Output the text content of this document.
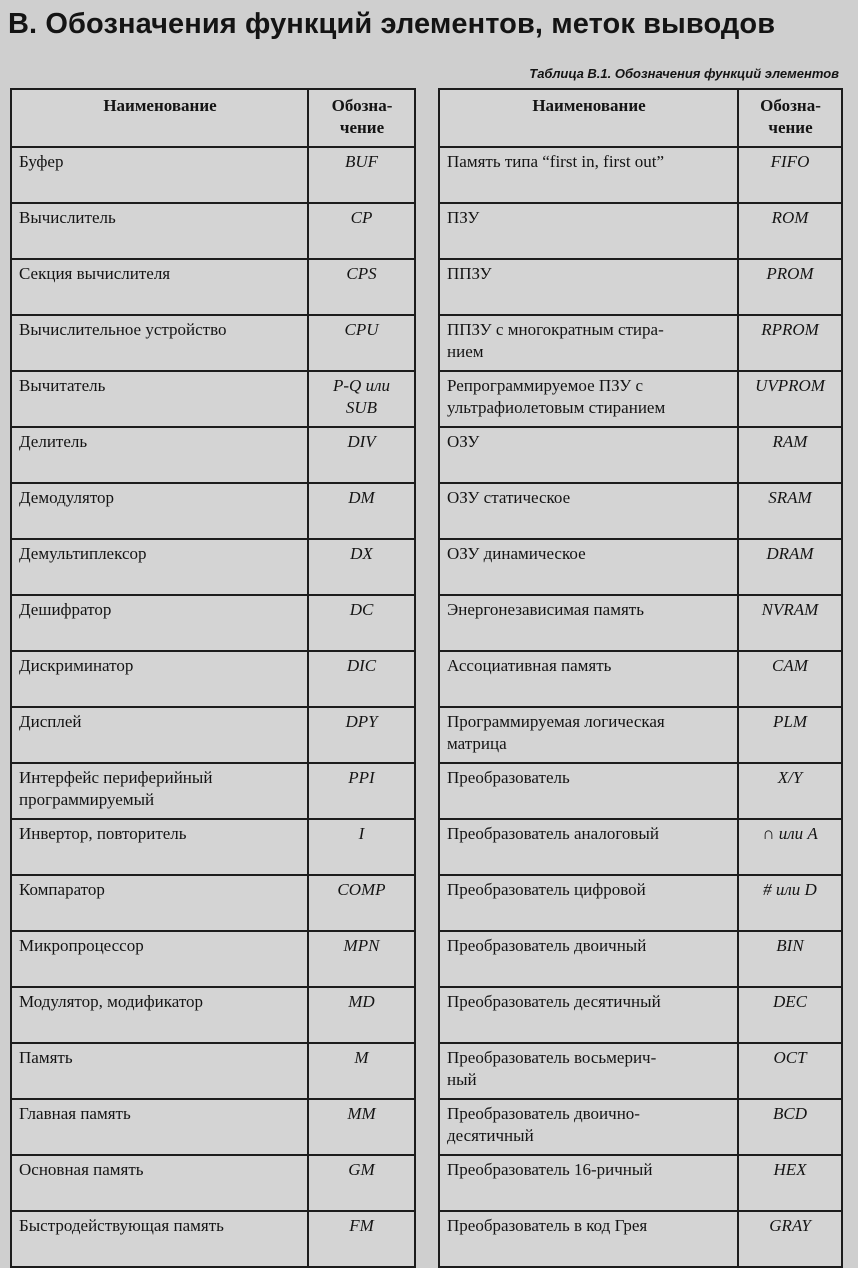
В. Обозначения функций элементов, меток выводов
Таблица В.1. Обозначения функций элементов
Наименование	Обозна-
чение
Буфер	BUF
Вычислитель	CP
Секция вычислителя	CPS
Вычислительное устройство	CPU
Вычитатель	P-Q или
SUB
Делитель	DIV
Демодулятор	DM
Демультиплексор	DX
Дешифратор	DC
Дискриминатор	DIC
Дисплей	DPY
Интерфейс периферийный
программируемый	PPI
Инвертор, повторитель	I
Компаратор	COMP
Микропроцессор	MPN
Модулятор, модификатор	MD
Память	M
Главная память	MM
Основная память	GM
Быстродействующая память	FM
Наименование	Обозна-
чение
Память типа “first in, first out”	FIFO
ПЗУ	ROM
ППЗУ	PROM
ППЗУ с многократным стира-
нием	RPROM
Репрограммируемое ПЗУ с
ультрафиолетовым стиранием	UVPROM
ОЗУ	RAM
ОЗУ статическое	SRAM
ОЗУ динамическое	DRAM
Энергонезависимая память	NVRAM
Ассоциативная память	CAM
Программируемая логическая
матрица	PLM
Преобразователь	X/Y
Преобразователь аналоговый	∩ или A
Преобразователь цифровой	# или D
Преобразователь двоичный	BIN
Преобразователь десятичный	DEC
Преобразователь восьмерич-
ный	OCT
Преобразователь двоично-
десятичный	BCD
Преобразователь 16-ричный	HEX
Преобразователь в код Грея	GRAY
